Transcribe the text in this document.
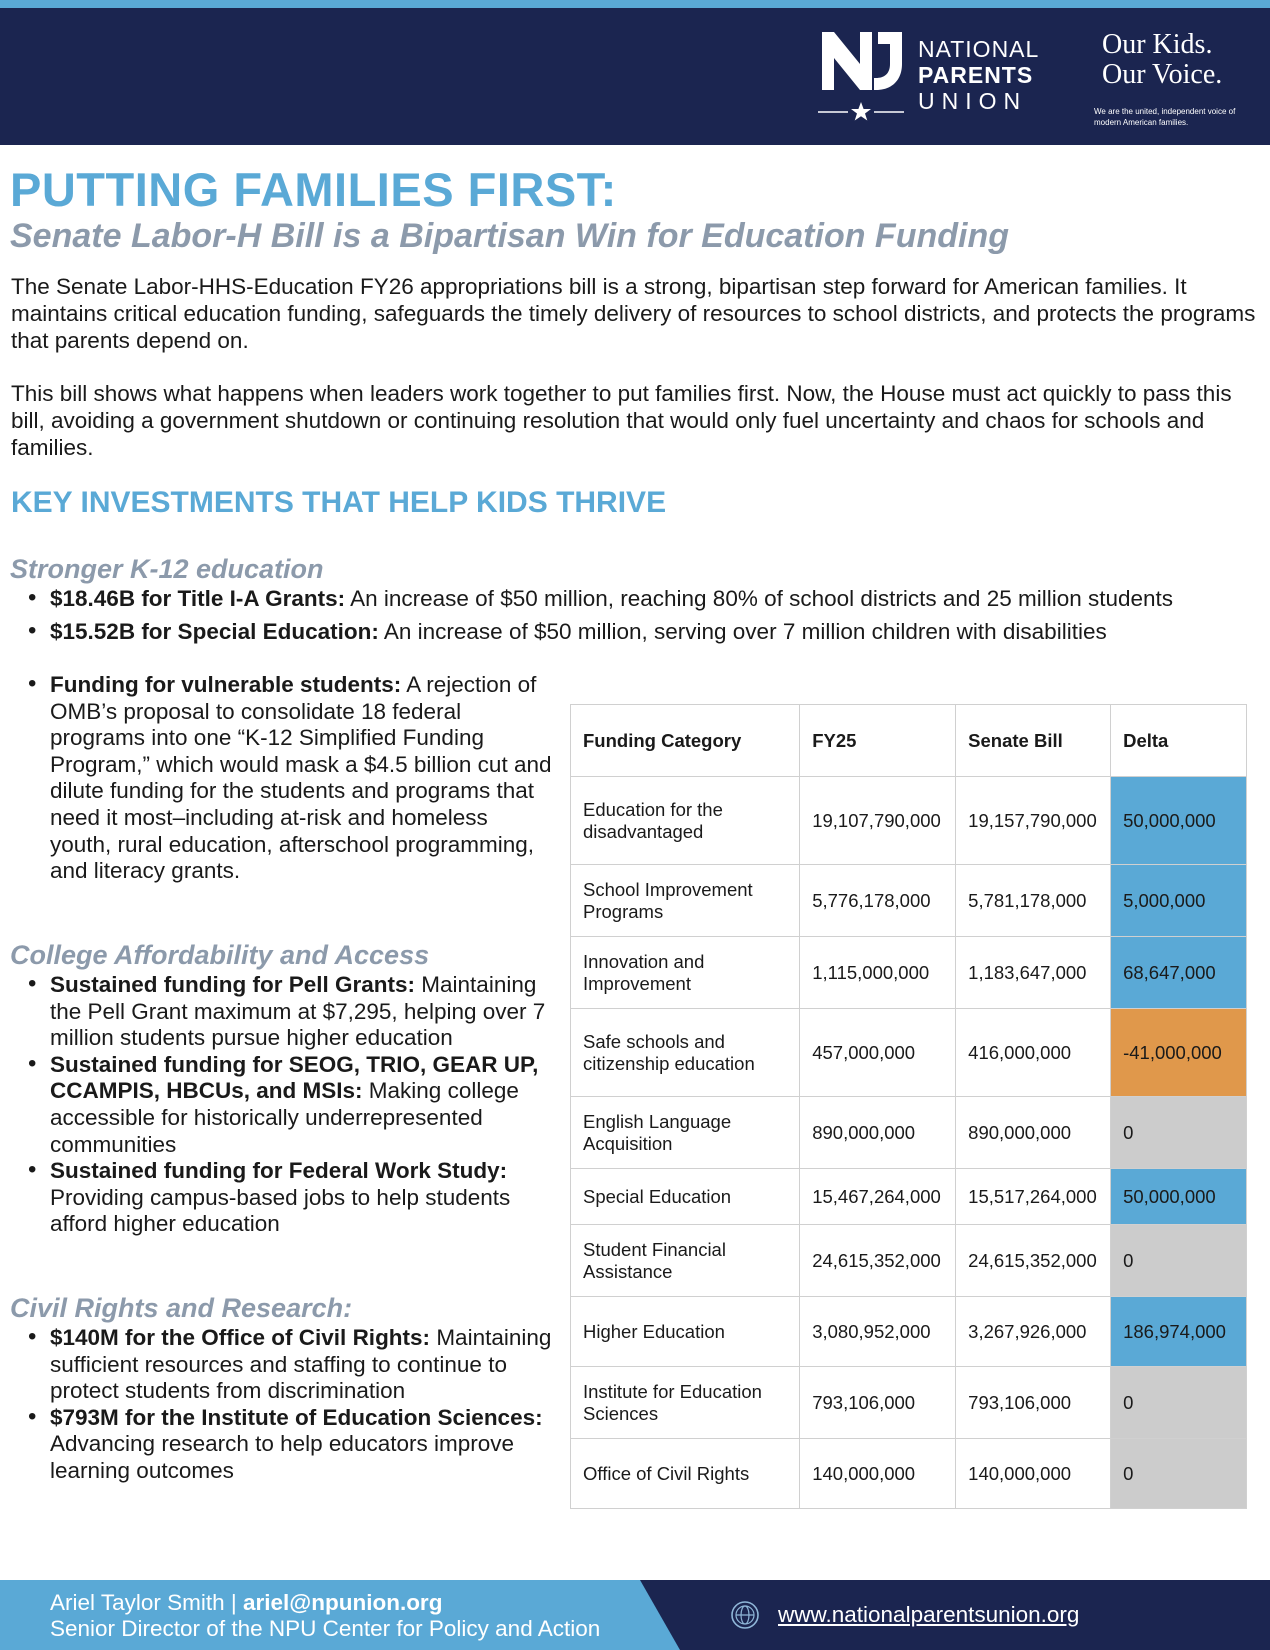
NATIONAL
PARENTS
UNION
Our Kids.
Our Voice.
We are the united, independent voice of modern American families.
PUTTING FAMILIES FIRST:
Senate Labor-H Bill is a Bipartisan Win for Education Funding

The Senate Labor-HHS-Education FY26 appropriations bill is a strong, bipartisan step forward for American families. It maintains critical education funding, safeguards the timely delivery of resources to school districts, and protects the programs that parents depend on.

This bill shows what happens when leaders work together to put families first. Now, the House must act quickly to pass this bill, avoiding a government shutdown or continuing resolution that would only fuel uncertainty and chaos for schools and families.

KEY INVESTMENTS THAT HELP KIDS THRIVE
Stronger K-12 education
• $18.46B for Title I-A Grants: An increase of $50 million, reaching 80% of school districts and 25 million students
• $15.52B for Special Education: An increase of $50 million, serving over 7 million children with disabilities
• Funding for vulnerable students: A rejection of OMB’s proposal to consolidate 18 federal programs into one “K-12 Simplified Funding Program,” which would mask a $4.5 billion cut and dilute funding for the students and programs that need it most–including at-risk and homeless youth, rural education, afterschool programming, and literacy grants.
College Affordability and Access
• Sustained funding for Pell Grants: Maintaining the Pell Grant maximum at $7,295, helping over 7 million students pursue higher education
• Sustained funding for SEOG, TRIO, GEAR UP, CCAMPIS, HBCUs, and MSIs: Making college accessible for historically underrepresented communities
• Sustained funding for Federal Work Study: Providing campus-based jobs to help students afford higher education
Civil Rights and Research:
• $140M for the Office of Civil Rights: Maintaining sufficient resources and staffing to continue to protect students from discrimination
• $793M for the Institute of Education Sciences: Advancing research to help educators improve learning outcomes
Funding Category	FY25	Senate Bill	Delta
Education for the disadvantaged	19,107,790,000	19,157,790,000	50,000,000
School Improvement Programs	5,776,178,000	5,781,178,000	5,000,000
Innovation and Improvement	1,115,000,000	1,183,647,000	68,647,000
Safe schools and citizenship education	457,000,000	416,000,000	-41,000,000
English Language Acquisition	890,000,000	890,000,000	0
Special Education	15,467,264,000	15,517,264,000	50,000,000
Student Financial Assistance	24,615,352,000	24,615,352,000	0
Higher Education	3,080,952,000	3,267,926,000	186,974,000
Institute for Education Sciences	793,106,000	793,106,000	0
Office of Civil Rights	140,000,000	140,000,000	0
Ariel Taylor Smith | ariel@npunion.org
Senior Director of the NPU Center for Policy and Action
www.nationalparentsunion.org
